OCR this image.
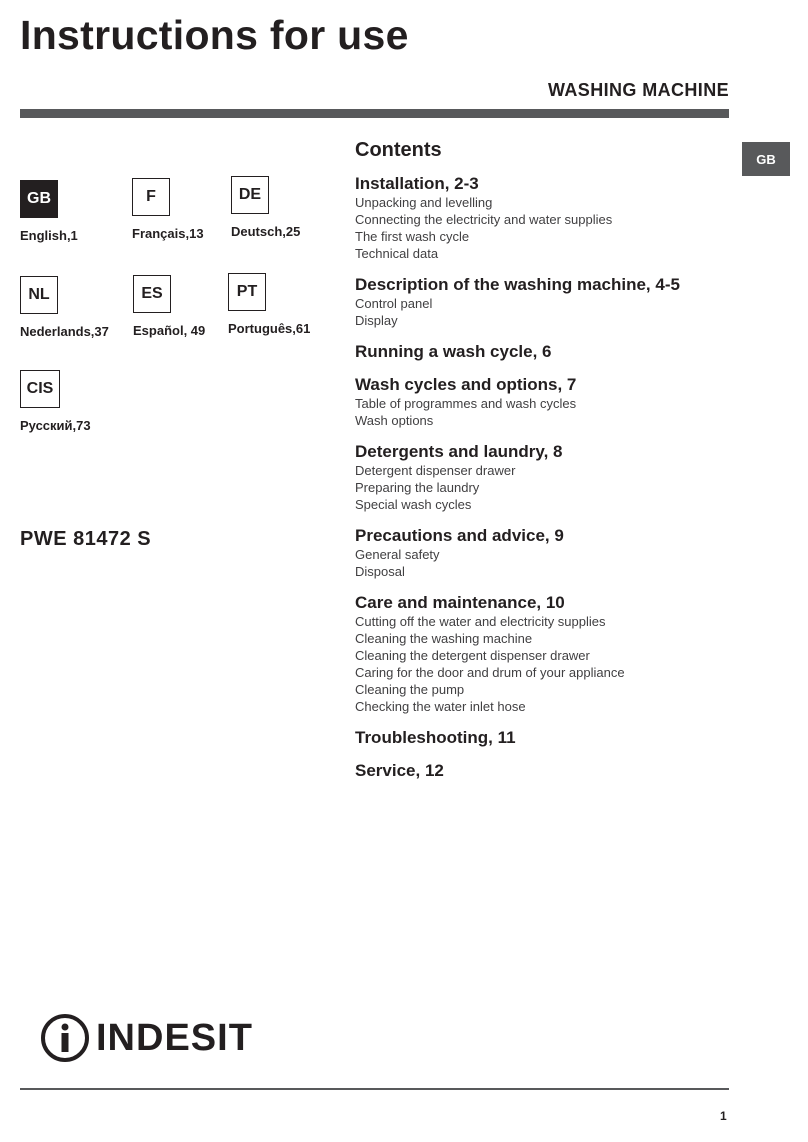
Instructions for use
WASHING MACHINE
GB
GB
English,1
F
Français,13
DE
Deutsch,25
NL
Nederlands,37
ES
Español, 49
PT
Português,61
CIS
Русский,73
PWE 81472 S
Contents
Installation, 2-3
Unpacking and levelling
Connecting the electricity and water supplies
The first wash cycle
Technical data
Description of the washing machine, 4-5
Control panel
Display
Running a wash cycle, 6
Wash cycles and options, 7
Table of programmes and wash cycles
Wash options
Detergents and laundry, 8
Detergent dispenser drawer
Preparing the laundry
Special wash cycles
Precautions and advice, 9
General safety
Disposal
Care and maintenance, 10
Cutting off the water and electricity supplies
Cleaning the washing machine
Cleaning the detergent dispenser drawer
Caring for the door and drum of your appliance
Cleaning the pump
Checking the water inlet hose
Troubleshooting, 11
Service, 12
INDESIT
1
